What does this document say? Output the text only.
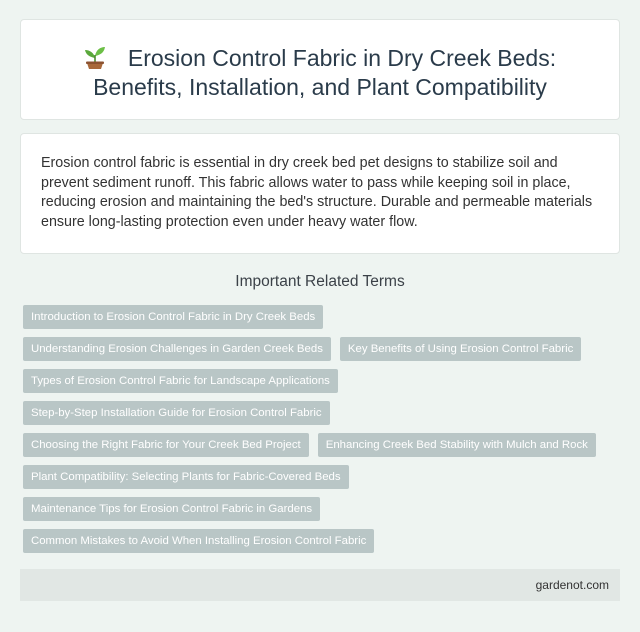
Erosion Control Fabric in Dry Creek Beds: Benefits, Installation, and Plant Compatibility

Erosion control fabric is essential in dry creek bed pet designs to stabilize soil and prevent sediment runoff. This fabric allows water to pass while keeping soil in place, reducing erosion and maintaining the bed's structure. Durable and permeable materials ensure long-lasting protection even under heavy water flow.

Important Related Terms
Introduction to Erosion Control Fabric in Dry Creek Beds
Understanding Erosion Challenges in Garden Creek Beds	Key Benefits of Using Erosion Control Fabric
Types of Erosion Control Fabric for Landscape Applications
Step-by-Step Installation Guide for Erosion Control Fabric
Choosing the Right Fabric for Your Creek Bed Project	Enhancing Creek Bed Stability with Mulch and Rock
Plant Compatibility: Selecting Plants for Fabric-Covered Beds
Maintenance Tips for Erosion Control Fabric in Gardens
Common Mistakes to Avoid When Installing Erosion Control Fabric
gardenot.com
